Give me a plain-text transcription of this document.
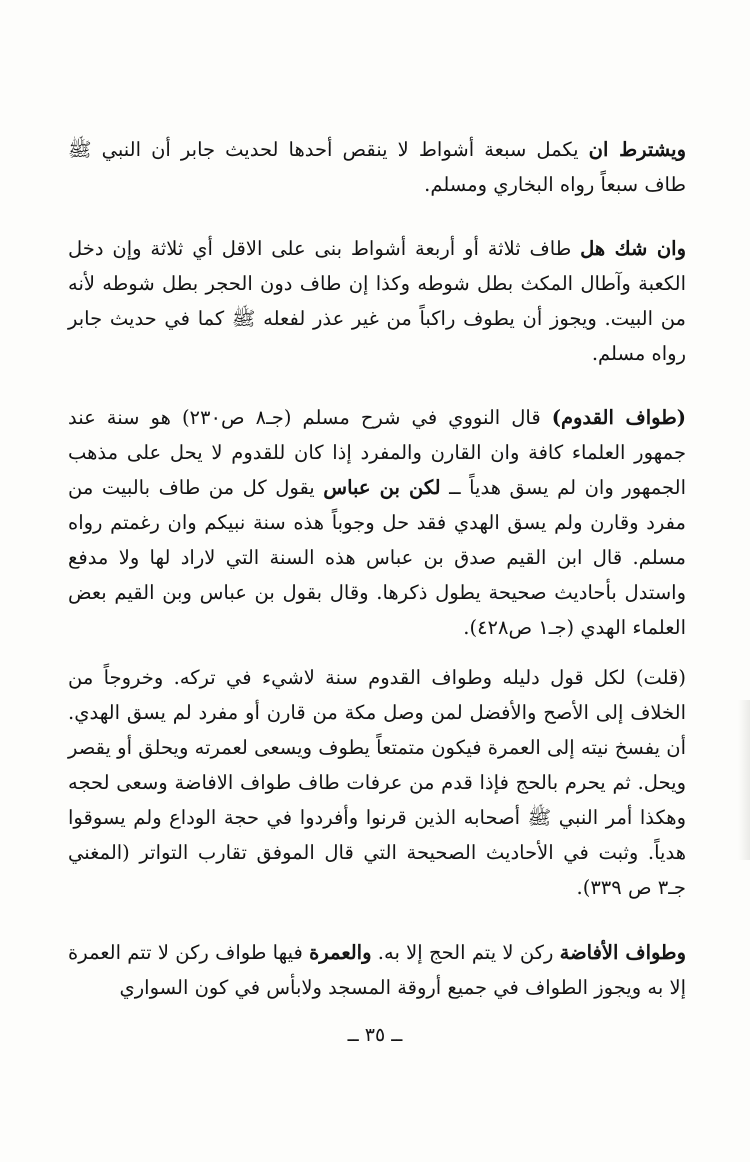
ويشترط ان يكمل سبعة أشواط لا ينقص أحدها لحديث جابر أن النبي ﷺ طاف سبعاً رواه البخاري ومسلم.

وان شك هل طاف ثلاثة أو أربعة أشواط بنى على الاقل أي ثلاثة وإن دخل الكعبة وآطال المكث بطل شوطه وكذا إن طاف دون الحجر بطل شوطه لأنه من البيت. ويجوز أن يطوف راكباً من غير عذر لفعله ﷺ كما في حديث جابر رواه مسلم.

(طواف القدوم) قال النووي في شرح مسلم (جـ٨ ص٢٣٠) هو سنة عند جمهور العلماء كافة وان القارن والمفرد إذا كان للقدوم لا يحل على مذهب الجمهور وان لم يسق هدياً ــ لكن بن عباس يقول كل من طاف بالبيت من مفرد وقارن ولم يسق الهدي فقد حل وجوباً هذه سنة نبيكم وان رغمتم رواه مسلم. قال ابن القيم صدق بن عباس هذه السنة التي لاراد لها ولا مدفع واستدل بأحاديث صحيحة يطول ذكرها. وقال بقول بن عباس وبن القيم بعض العلماء الهدي (جـ١ ص٤٢٨).

(قلت) لكل قول دليله وطواف القدوم سنة لاشيء في تركه. وخروجاً من الخلاف إلى الأصح والأفضل لمن وصل مكة من قارن أو مفرد لم يسق الهدي. أن يفسخ نيته إلى العمرة فيكون متمتعاً يطوف ويسعى لعمرته ويحلق أو يقصر ويحل. ثم يحرم بالحج فإذا قدم من عرفات طاف طواف الافاضة وسعى لحجه وهكذا أمر النبي ﷺ أصحابه الذين قرنوا وأفردوا في حجة الوداع ولم يسوقوا هدياً. وثبت في الأحاديث الصحيحة التي قال الموفق تقارب التواتر (المغني جـ٣ ص ٣٣٩).

وطواف الأفاضة ركن لا يتم الحج إلا به. والعمرة فيها طواف ركن لا تتم العمرة إلا به ويجوز الطواف في جميع أروقة المسجد ولابأس في كون السواري

ــ ٣٥ ــ
